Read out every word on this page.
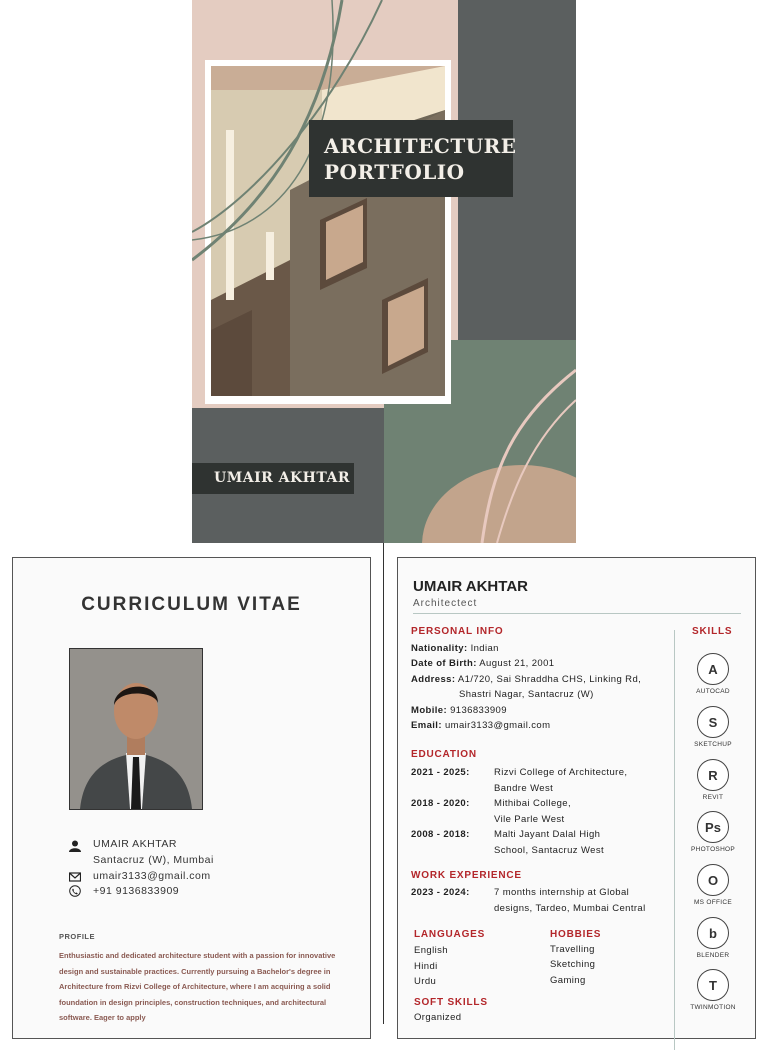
ARCHITECTURE
PORTFOLIO
UMAIR AKHTAR
CURRICULUM VITAE
UMAIR AKHTAR
Santacruz (W), Mumbai
umair3133@gmail.com
+91 9136833909
PROFILE
Enthusiastic and dedicated architecture student with a passion for innovative design and sustainable practices. Currently pursuing a Bachelor's degree in Architecture from Rizvi College of Architecture, where I am acquiring a solid foundation in design principles, construction techniques, and architectural software. Eager to apply
UMAIR AKHTAR
Architectect
PERSONAL INFO
Nationality: Indian
Date of Birth: August 21, 2001
Address: A1/720, Sai Shraddha CHS, Linking Rd,
Shastri Nagar, Santacruz (W)
Mobile: 9136833909
Email: umair3133@gmail.com
EDUCATION
2021 - 2025:	Rizvi College of Architecture,
Bandre West
2018 - 2020:	Mithibai College,
Vile Parle West
2008 - 2018:	Malti Jayant Dalal High
School, Santacruz West
WORK EXPERIENCE
2023 - 2024:	7 months internship at Global
designs, Tardeo, Mumbai Central
LANGUAGES
English
Hindi
Urdu
HOBBIES
Travelling
Sketching
Gaming
SOFT SKILLS
Organized
SKILLS
A
AUTOCAD
S
SKETCHUP
R
REVIT
Ps
PHOTOSHOP
O
MS OFFICE
b
BLENDER
T
TWINMOTION
